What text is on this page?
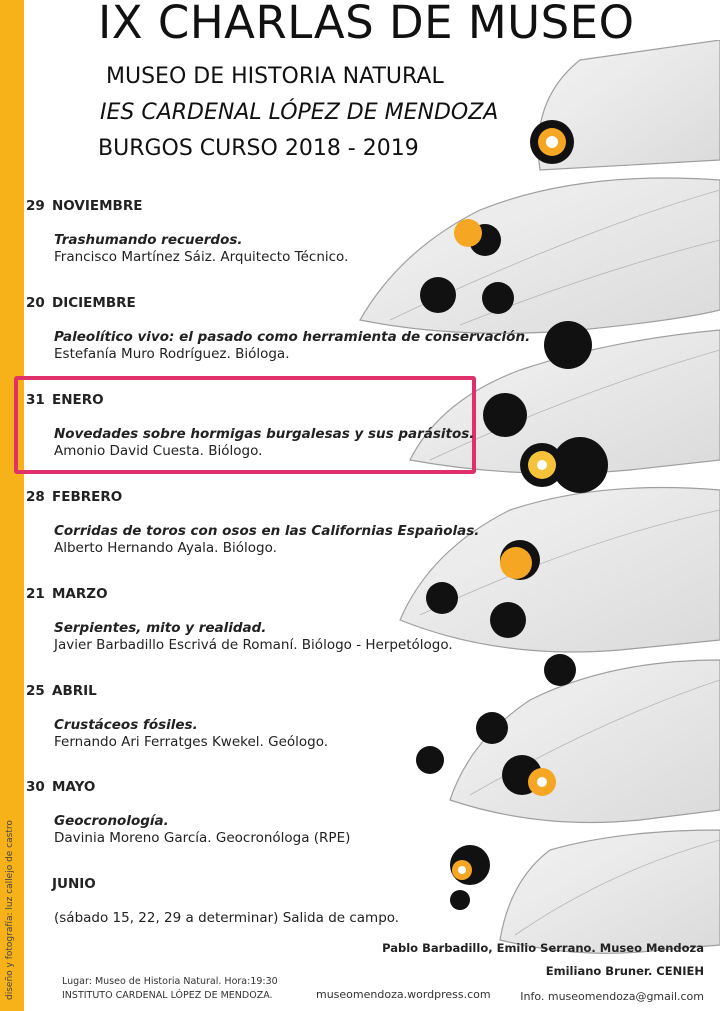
diseño y fotografía: luz callejo de castro
IX CHARLAS DE MUSEO
MUSEO DE HISTORIA NATURAL
IES CARDENAL LÓPEZ DE MENDOZA
BURGOS CURSO 2018 - 2019
29 NOVIEMBRE
Trashumando recuerdos.
Francisco Martínez Sáiz. Arquitecto Técnico.
20 DICIEMBRE
Paleolítico vivo: el pasado como herramienta de conservación.
Estefanía Muro Rodríguez. Bióloga.
31 ENERO
Novedades sobre hormigas burgalesas y sus parásitos.
Amonio David Cuesta. Biólogo.
28 FEBRERO
Corridas de toros con osos en las Californias Españolas.
Alberto Hernando Ayala. Biólogo.
21 MARZO
Serpientes, mito y realidad.
Javier Barbadillo Escrivá de Romaní. Biólogo - Herpetólogo.
25 ABRIL
Crustáceos fósiles.
Fernando Ari Ferratges Kwekel. Geólogo.
30 MAYO
Geocronología.
Davinia Moreno García. Geocronóloga (RPE)
JUNIO
(sábado 15, 22, 29 a determinar) Salida de campo.
Pablo Barbadillo, Emilio Serrano. Museo Mendoza
Emiliano Bruner. CENIEH
Lugar: Museo de Historia Natural. Hora:19:30
INSTITUTO CARDENAL LÓPEZ DE MENDOZA.	museomendoza.wordpress.com	Info. museomendoza@gmail.com
